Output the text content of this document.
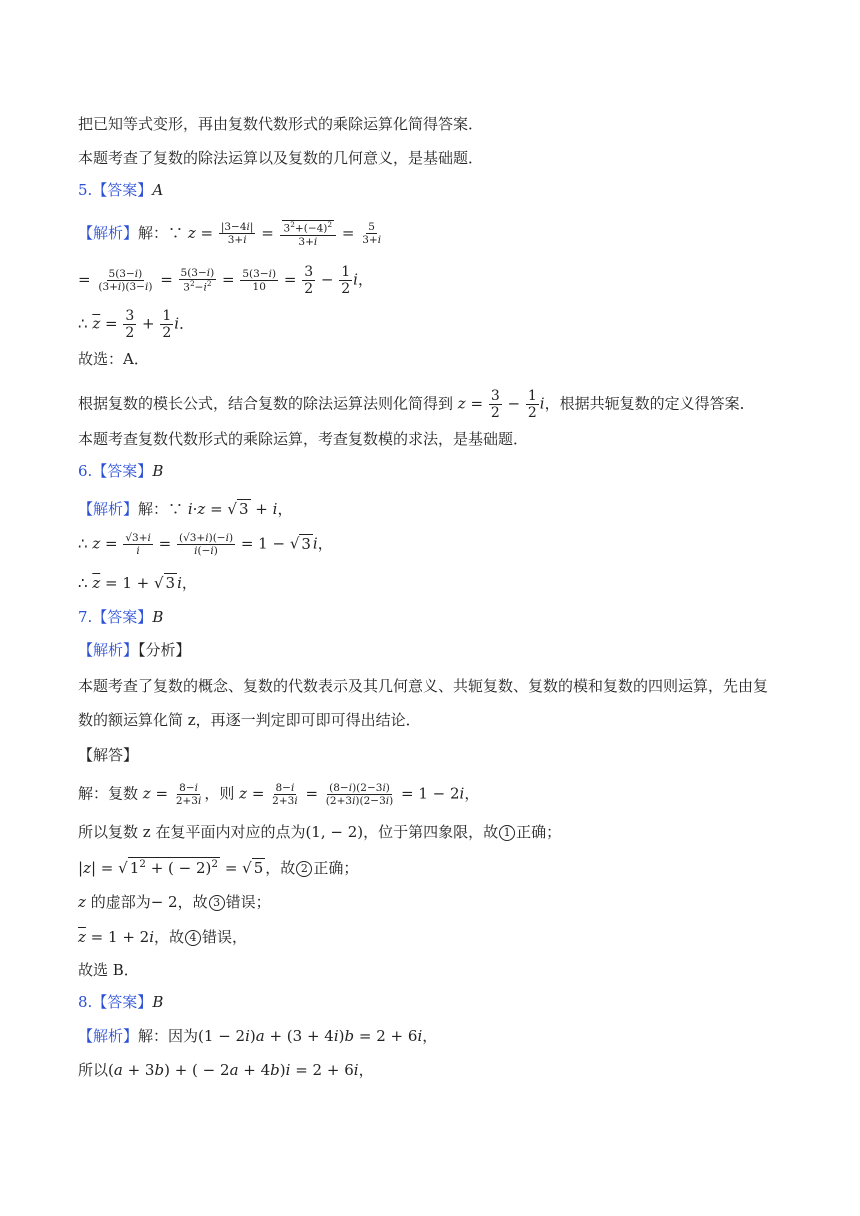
把已知等式变形，再由复数代数形式的乘除运算化简得答案．
本题考查了复数的除法运算以及复数的几何意义，是基础题．
5.【答案】A
【解析】解：∵ $z = \frac{|3-4i|}{3+i} = \frac{3^2+(-4)^2}{3+i} = \frac{5}{3+i}$
= $\frac{5(3-i)}{(3+i)(3-i)} = \frac{5(3-i)}{3^2-i^2} = \frac{5(3-i)}{10} = \frac{3}{2} - \frac{1}{2}$ i，
∴ $\overline{z} = \frac{3}{2} + \frac{1}{2}$ i．
故选：A．
根据复数的模长公式，结合复数的除法运算法则化简得到 $z = \frac{3}{2} - \frac{1}{2}$ i，根据共轭复数的定义得答案．
本题考查复数代数形式的乘除运算，考查复数模的求法，是基础题．
6.【答案】B
【解析】解：∵ i·z = √ 3 + i，
∴ $z = \frac{√3+i}{i} = \frac{(√3+i)(-i)}{i(-i)} = 1$ − √ 3 i，
∴ $\overline{z} = 1$ + √ 3 i，
7.【答案】B
【解析】【分析】
本题考查了复数的概念、复数的代数表示及其几何意义、共轭复数、复数的模和复数的四则运算，先由复
数的额运算化简 z，再逐一判定即可即可得出结论．
【解答】
解：复数 $z = \frac{8-i}{2+3i}$ ，则 $z = \frac{8-i}{2+3i} = \frac{(8-i)(2-3i)}{(2+3i)(2-3i)} = 1 - 2i$，
所以复数 z 在复平面内对应的点为(1, − 2)，位于第四象限，故 1 正确；
|z| = √ $1^2$ + ( − 2)$^2$ = √ 5 ，故 2 正确；
z 的虚部为− 2，故 3 错误；
$\overline{z} = 1 + 2i$，故 4 错误，
故选 B．
8.【答案】B
【解析】解：因为(1 − 2i)a + (3 + 4i)b = 2 + 6i，
所以(a + 3b) + ( − 2a + 4b)i = 2 + 6i，
